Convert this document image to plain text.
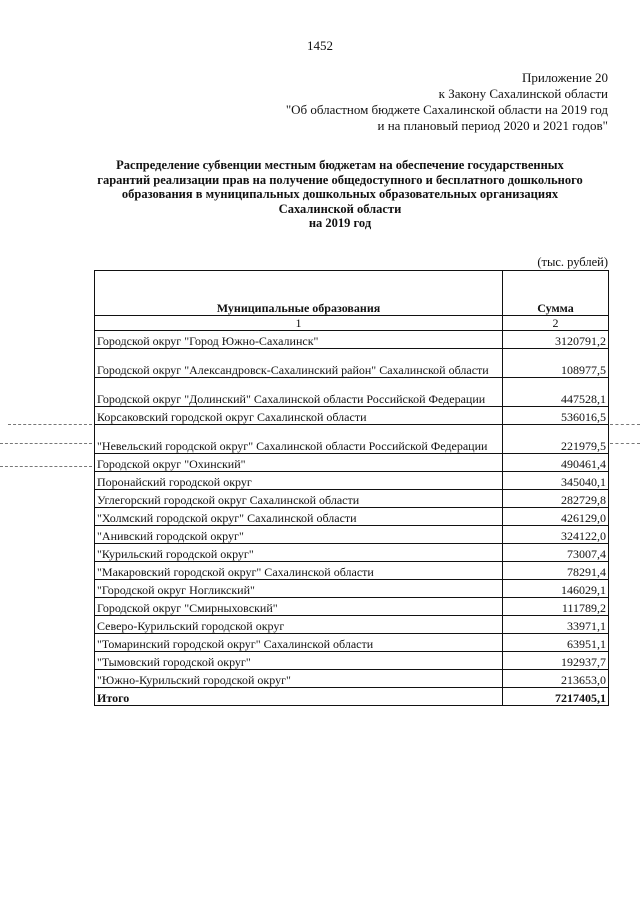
1452
Приложение 20
к Закону Сахалинской области
"Об областном бюджете Сахалинской области на 2019 год
и на плановый период 2020 и 2021 годов"
Распределение субвенции местным бюджетам на обеспечение государственных
гарантий реализации прав на получение общедоступного и бесплатного дошкольного
образования в муниципальных дошкольных образовательных организациях
Сахалинской области
на 2019 год
(тыс. рублей)
Муниципальные образования	Сумма
1	2
Городской округ "Город Южно-Сахалинск"	3120791,2
Городской округ "Александровск-Сахалинский район" Сахалинской области	108977,5
Городской округ "Долинский" Сахалинской области Российской Федерации	447528,1
Корсаковский городской округ Сахалинской области	536016,5
"Невельский городской округ" Сахалинской области Российской Федерации	221979,5
Городской округ "Охинский"	490461,4
Поронайский городской округ	345040,1
Углегорский городской округ Сахалинской области	282729,8
"Холмский городской округ" Сахалинской области	426129,0
"Анивский городской округ"	324122,0
"Курильский городской округ"	73007,4
"Макаровский городской округ" Сахалинской области	78291,4
"Городской округ Ногликский"	146029,1
Городской округ "Смирныховский"	111789,2
Северо-Курильский городской округ	33971,1
"Томаринский городской округ" Сахалинской области	63951,1
"Тымовский городской округ"	192937,7
"Южно-Курильский городской округ"	213653,0
Итого	7217405,1
